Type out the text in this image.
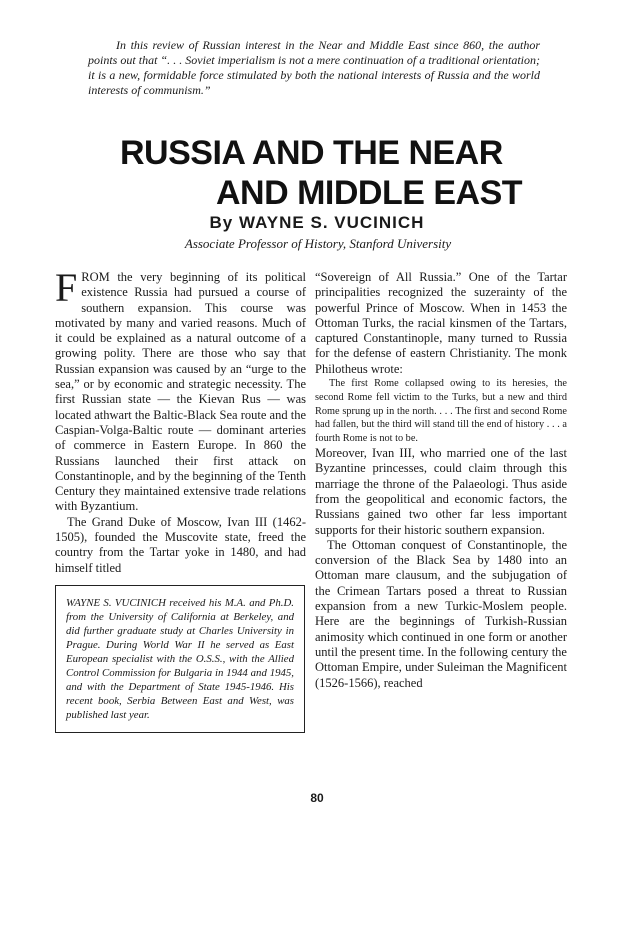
In this review of Russian interest in the Near and Middle East since 860, the author points out that “. . . Soviet imperialism is not a mere continuation of a traditional orientation; it is a new, formidable force stimulated by both the national interests of Russia and the world interests of communism.”
RUSSIA AND THE NEAR
AND MIDDLE EAST
By WAYNE S. VUCINICH
Associate Professor of History, Stanford University

FROM the very beginning of its political existence Russia had pursued a course of southern expansion. This course was motivated by many and varied reasons. Much of it could be explained as a natural outcome of a growing polity. There are those who say that Russian expansion was caused by an “urge to the sea,” or by economic and strategic necessity. The first Russian state — the Kievan Rus — was located athwart the Baltic-Black Sea route and the Caspian-Volga-Baltic route — dominant arteries of commerce in Eastern Europe. In 860 the Russians launched their first attack on Constantinople, and by the beginning of the Tenth Century they maintained extensive trade relations with Byzantium.

The Grand Duke of Moscow, Ivan III (1462-1505), founded the Muscovite state, freed the country from the Tartar yoke in 1480, and had himself titled

WAYNE S. VUCINICH received his M.A. and Ph.D. from the University of California at Berkeley, and did further graduate study at Charles University in Prague. During World War II he served as East European specialist with the O.S.S., with the Allied Control Commission for Bulgaria in 1944 and 1945, and with the Department of State 1945-1946. His recent book, Serbia Between East and West, was published last year.

“Sovereign of All Russia.” One of the Tartar principalities recognized the suzerainty of the powerful Prince of Moscow. When in 1453 the Ottoman Turks, the racial kinsmen of the Tartars, captured Constantinople, many turned to Russia for the defense of eastern Christianity. The monk Philotheus wrote:

The first Rome collapsed owing to its heresies, the second Rome fell victim to the Turks, but a new and third Rome sprung up in the north. . . . The first and second Rome had fallen, but the third will stand till the end of history . . . a fourth Rome is not to be.

Moreover, Ivan III, who married one of the last Byzantine princesses, could claim through this marriage the throne of the Palaeologi. Thus aside from the geopolitical and economic factors, the Russians gained two other far less important supports for their historic southern expansion.

The Ottoman conquest of Constantinople, the conversion of the Black Sea by 1480 into an Ottoman mare clausum, and the subjugation of the Crimean Tartars posed a threat to Russian expansion from a new Turkic-Moslem people. Here are the beginnings of Turkish-Russian animosity which continued in one form or another until the present time. In the following century the Ottoman Empire, under Suleiman the Magnificent (1526-1566), reached

80
